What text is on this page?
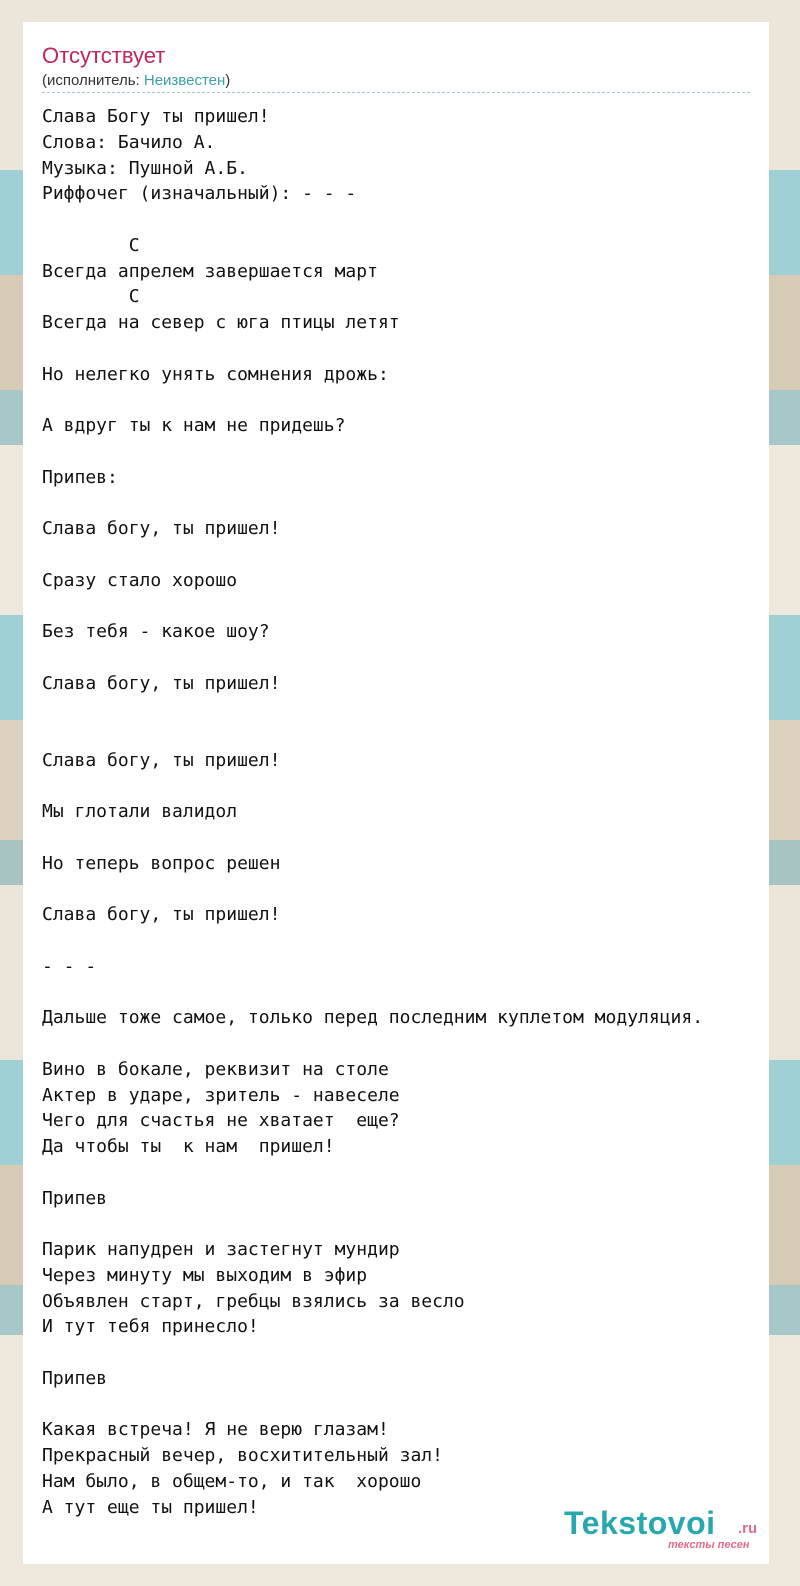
Отсутствует
(исполнитель: Неизвестен)
Слава Богу ты пришел!
Слова: Бачило А.
Музыка: Пушной А.Б.
Риффочег (изначальный): - - -

C
Всегда апрелем завершается март
C
Всегда на север с юга птицы летят

Но нелегко унять сомнения дрожь:

А вдруг ты к нам не придешь?

Припев:

Слава богу, ты пришел!

Сразу стало хорошо

Без тебя - какое шоу?

Слава богу, ты пришел!

Слава богу, ты пришел!

Мы глотали валидол

Но теперь вопрос решен

Слава богу, ты пришел!

- - -

Дальше тоже самое, только перед последним куплетом модуляция.

Вино в бокале, реквизит на столе
Актер в ударе, зритель - навеселе
Чего для счастья не хватает  еще?
Да чтобы ты  к нам  пришел!

Припев

Парик напудрен и застегнут мундир
Через минуту мы выходим в эфир
Объявлен старт, гребцы взялись за весло
И тут тебя принесло!

Припев

Какая встреча! Я не верю глазам!
Прекрасный вечер, восхитительный зал!
Нам было, в общем-то, и так  хорошо
А тут еще ты пришел!	Tekstovoi .ru
тексты песен
